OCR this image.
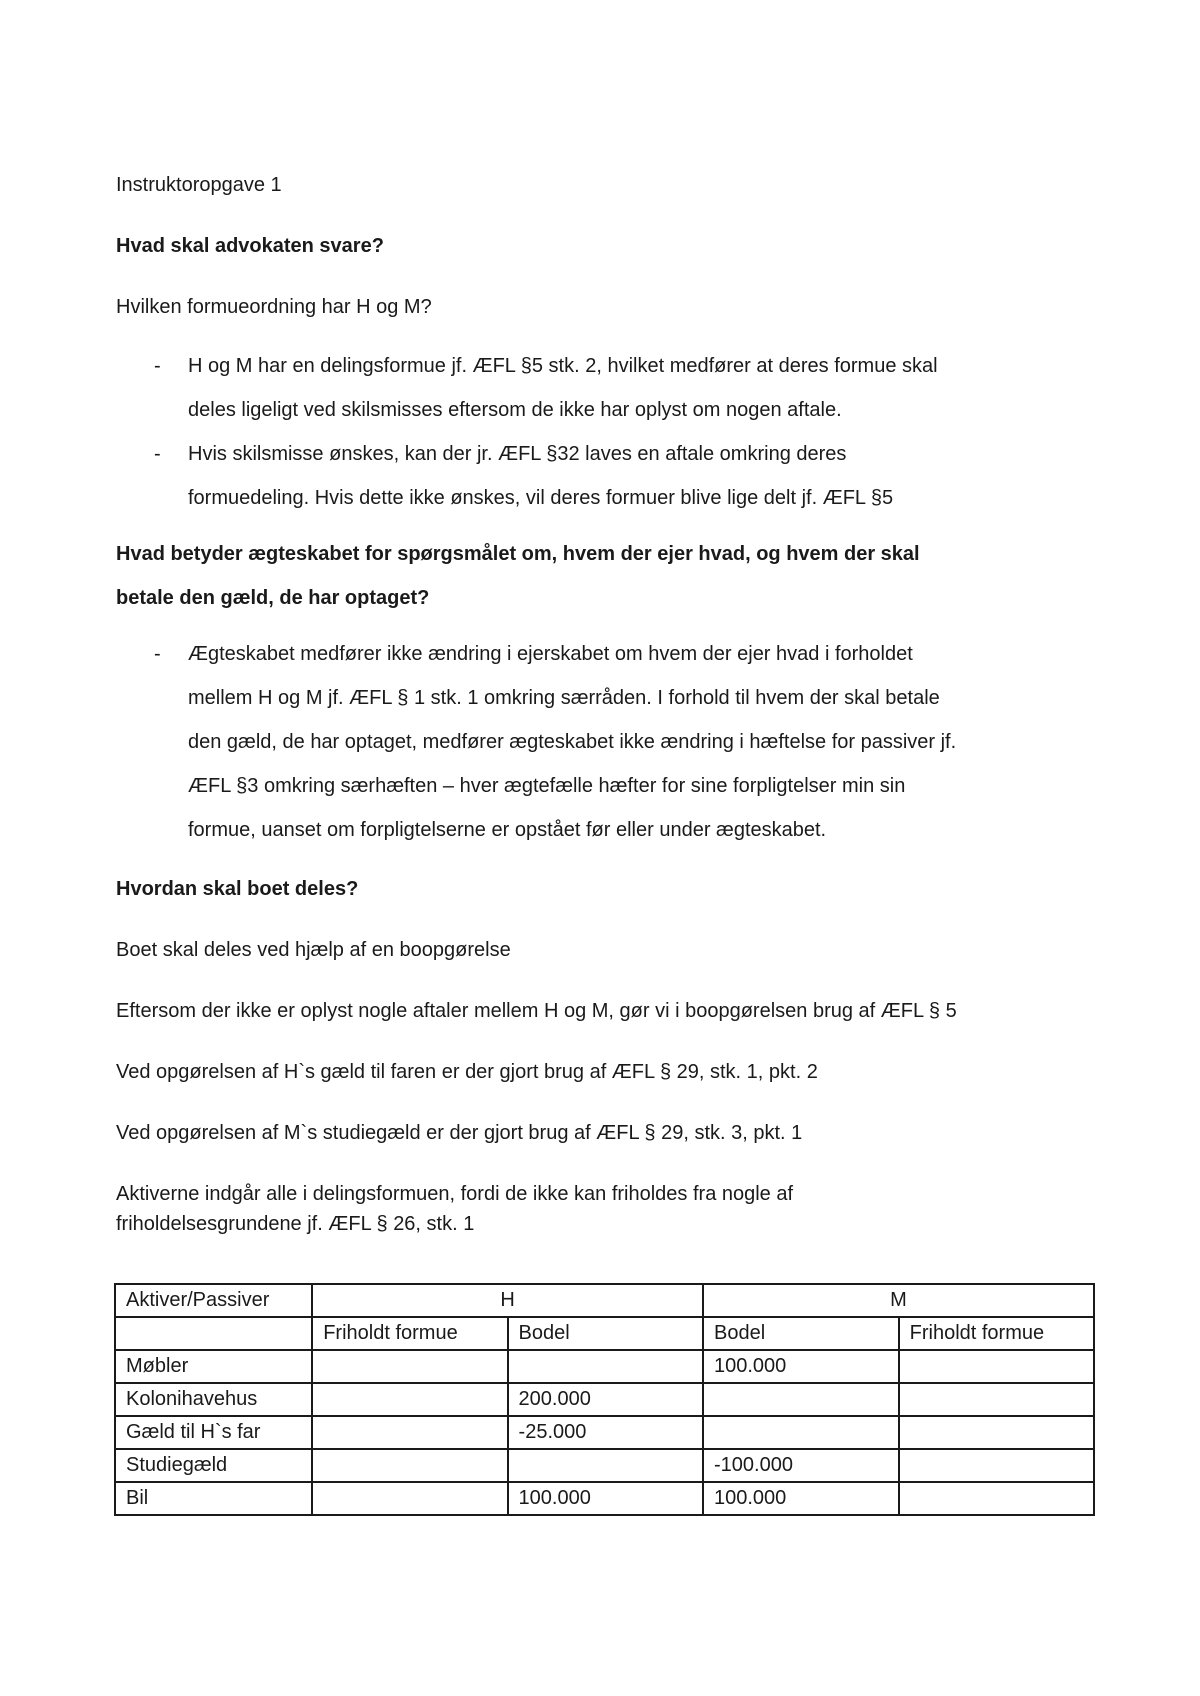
Instruktoropgave 1

Hvad skal advokaten svare?

Hvilken formueordning har H og M?

- H og M har en delingsformue jf. ÆFL §5 stk. 2, hvilket medfører at deres formue skal
deles ligeligt ved skilsmisses eftersom de ikke har oplyst om nogen aftale.
- Hvis skilsmisse ønskes, kan der jr. ÆFL §32 laves en aftale omkring deres
formuedeling. Hvis dette ikke ønskes, vil deres formuer blive lige delt jf. ÆFL §5

Hvad betyder ægteskabet for spørgsmålet om, hvem der ejer hvad, og hvem der skal

betale den gæld, de har optaget?

- Ægteskabet medfører ikke ændring i ejerskabet om hvem der ejer hvad i forholdet
mellem H og M jf. ÆFL § 1 stk. 1 omkring særråden. I forhold til hvem der skal betale
den gæld, de har optaget, medfører ægteskabet ikke ændring i hæftelse for passiver jf.
ÆFL §3 omkring særhæften – hver ægtefælle hæfter for sine forpligtelser min sin
formue, uanset om forpligtelserne er opstået før eller under ægteskabet.

Hvordan skal boet deles?

Boet skal deles ved hjælp af en boopgørelse

Eftersom der ikke er oplyst nogle aftaler mellem H og M, gør vi i boopgørelsen brug af ÆFL § 5

Ved opgørelsen af H`s gæld til faren er der gjort brug af ÆFL § 29, stk. 1, pkt. 2

Ved opgørelsen af M`s studiegæld er der gjort brug af ÆFL § 29, stk. 3, pkt. 1

Aktiverne indgår alle i delingsformuen, fordi de ikke kan friholdes fra nogle af

friholdelsesgrundene jf. ÆFL § 26, stk. 1

Aktiver/Passiver	H		M	
	Friholdt formue	Bodel	Bodel	Friholdt formue
Møbler			100.000	
Kolonihavehus		200.000		
Gæld til H`s far		-25.000		
Studiegæld			-100.000	
Bil		100.000	100.000	
